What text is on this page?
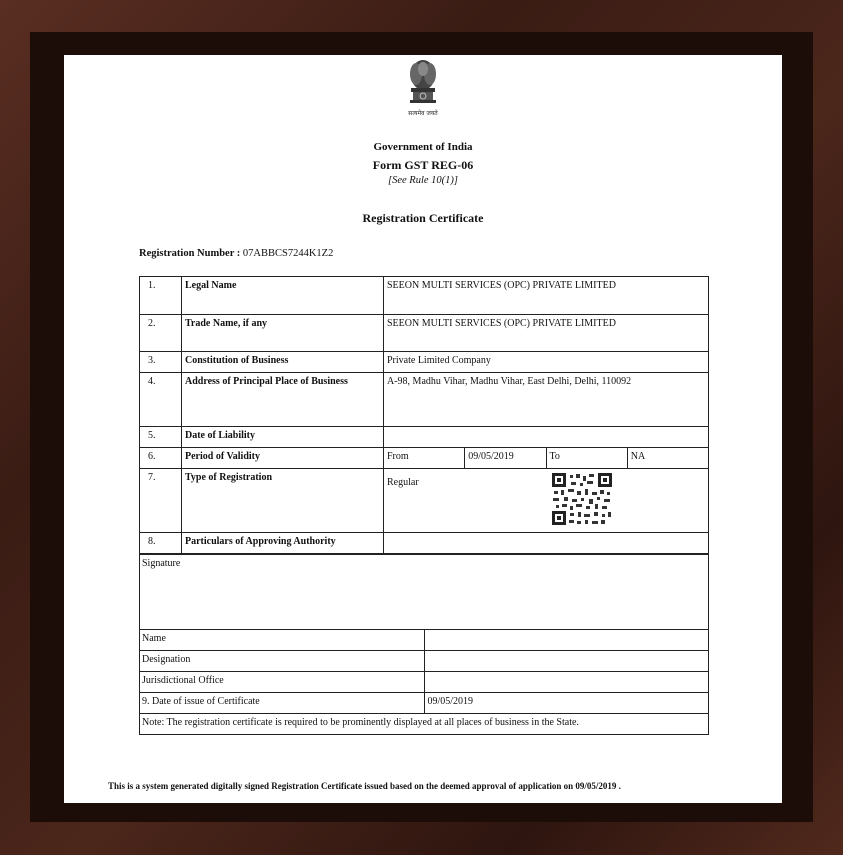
सत्यमेव जयते
Government of India
Form GST REG-06
[See Rule 10(1)]
Registration Certificate
Registration Number : 07ABBCS7244K1Z2
1.	Legal Name	SEEON MULTI SERVICES (OPC) PRIVATE LIMITED			
2.	Trade Name, if any	SEEON MULTI SERVICES (OPC) PRIVATE LIMITED			
3.	Constitution of Business	Private Limited Company			
4.	Address of Principal Place of Business	A-98, Madhu Vihar, Madhu Vihar, East Delhi, Delhi, 110092			
5.	Date of Liability				
6.	Period of Validity	From	09/05/2019	To	NA
7.	Type of Registration	Regular			

8.	Particulars of Approving Authority				
Signature	
Name	
Designation	
Jurisdictional Office	
9. Date of issue of Certificate	09/05/2019
Note: The registration certificate is required to be prominently displayed at all places of business in the State.	
This is a system generated digitally signed Registration Certificate issued based on the deemed approval of application on 09/05/2019 .
